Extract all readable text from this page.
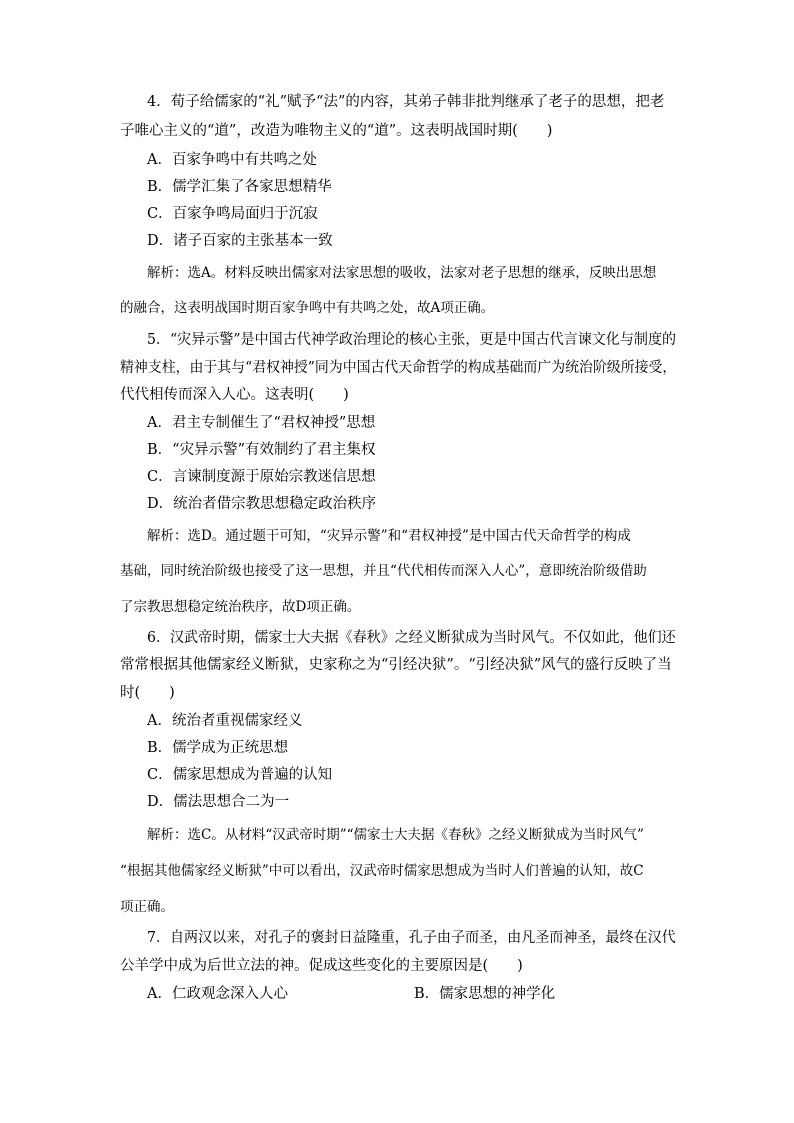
4．荀子给儒家的“礼”赋予“法”的内容，其弟子韩非批判继承了老子的思想，把老
子唯心主义的“道”，改造为唯物主义的“道”。这表明战国时期(　　)
A．百家争鸣中有共鸣之处
B．儒学汇集了各家思想精华
C．百家争鸣局面归于沉寂
D．诸子百家的主张基本一致
解析：选A。材料反映出儒家对法家思想的吸收，法家对老子思想的继承，反映出思想
的融合，这表明战国时期百家争鸣中有共鸣之处，故A项正确。
5．“灾异示警”是中国古代神学政治理论的核心主张，更是中国古代言谏文化与制度的
精神支柱，由于其与“君权神授”同为中国古代天命哲学的构成基础而广为统治阶级所接受，
代代相传而深入人心。这表明(　　)
A．君主专制催生了“君权神授”思想
B．“灾异示警”有效制约了君主集权
C．言谏制度源于原始宗教迷信思想
D．统治者借宗教思想稳定政治秩序
解析：选D。通过题干可知，“灾异示警”和“君权神授”是中国古代天命哲学的构成
基础，同时统治阶级也接受了这一思想，并且“代代相传而深入人心”，意即统治阶级借助
了宗教思想稳定统治秩序，故D项正确。
6．汉武帝时期，儒家士大夫据《春秋》之经义断狱成为当时风气。不仅如此，他们还
常常根据其他儒家经义断狱，史家称之为“引经决狱”。“引经决狱”风气的盛行反映了当
时(　　)
A．统治者重视儒家经义
B．儒学成为正统思想
C．儒家思想成为普遍的认知
D．儒法思想合二为一
解析：选C。从材料“汉武帝时期”“儒家士大夫据《春秋》之经义断狱成为当时风气”
“根据其他儒家经义断狱”中可以看出，汉武帝时儒家思想成为当时人们普遍的认知，故C
项正确。
7．自两汉以来，对孔子的褒封日益隆重，孔子由子而圣，由凡圣而神圣，最终在汉代
公羊学中成为后世立法的神。促成这些变化的主要原因是(　　)
A．仁政观念深入人心	B．儒家思想的神学化
